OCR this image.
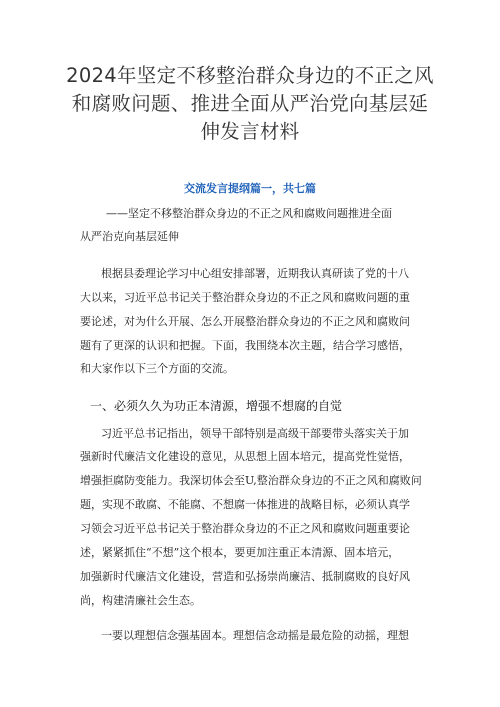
2024年坚定不移整治群众身边的不正之风
和腐败问题、推进全面从严治党向基层延
伸发言材料
交流发言提纲篇一，共七篇
——坚定不移整治群众身边的不正之风和腐败问题推进全面
从严治克向基层延伸
根据县委理论学习中心组安排部署，近期我认真研读了党的十八
大以来，习近平总书记关于整治群众身边的不正之风和腐败问题的重
要论述，对为什么开展、怎么开展整治群众身边的不正之风和腐败问
题有了更深的认识和把握。下面，我围绕本次主题，结合学习感悟，
和大家作以下三个方面的交流。
一、必须久久为功正本清源，增强不想腐的自觉
习近平总书记指出，领导干部特别是高级干部要带头落实关于加
强新时代廉洁文化建设的意见，从思想上固本培元，提高党性觉悟，
增强拒腐防变能力。我深切体会至U,整治群众身边的不正之风和腐败问
题，实现不敢腐、不能腐、不想腐一体推进的战略目标，必须认真学
习领会习近平总书记关于整治群众身边的不正之风和腐败问题重要论
述，紧紧抓住“不想”这个根本，要更加注重正本清源、固本培元，
加强新时代廉洁文化建设，营造和弘扬崇尚廉洁、抵制腐败的良好风
尚，构建清廉社会生态。
一要以理想信念强基固本。理想信念动摇是最危险的动摇，理想
